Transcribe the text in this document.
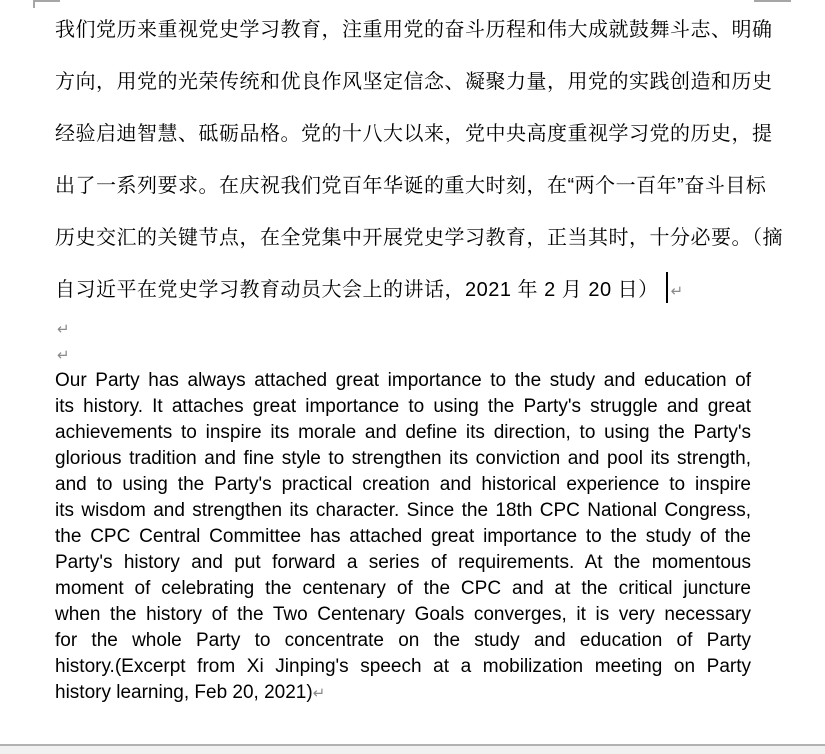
我们党历来重视党史学习教育，注重用党的奋斗历程和伟大成就鼓舞斗志、明确
方向，用党的光荣传统和优良作风坚定信念、凝聚力量，用党的实践创造和历史
经验启迪智慧、砥砺品格。党的十八大以来，党中央高度重视学习党的历史，提
出了一系列要求。在庆祝我们党百年华诞的重大时刻，在“两个一百年”奋斗目标
历史交汇的关键节点，在全党集中开展党史学习教育，正当其时，十分必要。（摘
自习近平在党史学习教育动员大会上的讲话，2021 年 2 月 20 日） ↵
↵
↵
Our Party has always attached great importance to the study and education of
its history. It attaches great importance to using the Party's struggle and great
achievements to inspire its morale and define its direction, to using the Party's
glorious tradition and fine style to strengthen its conviction and pool its strength,
and to using the Party's practical creation and historical experience to inspire
its wisdom and strengthen its character. Since the 18th CPC National Congress,
the CPC Central Committee has attached great importance to the study of the
Party's history and put forward a series of requirements. At the momentous
moment of celebrating the centenary of the CPC and at the critical juncture
when the history of the Two Centenary Goals converges, it is very necessary
for the whole Party to concentrate on the study and education of Party
history.(Excerpt from Xi Jinping's speech at a mobilization meeting on Party
history learning, Feb 20, 2021)↵
